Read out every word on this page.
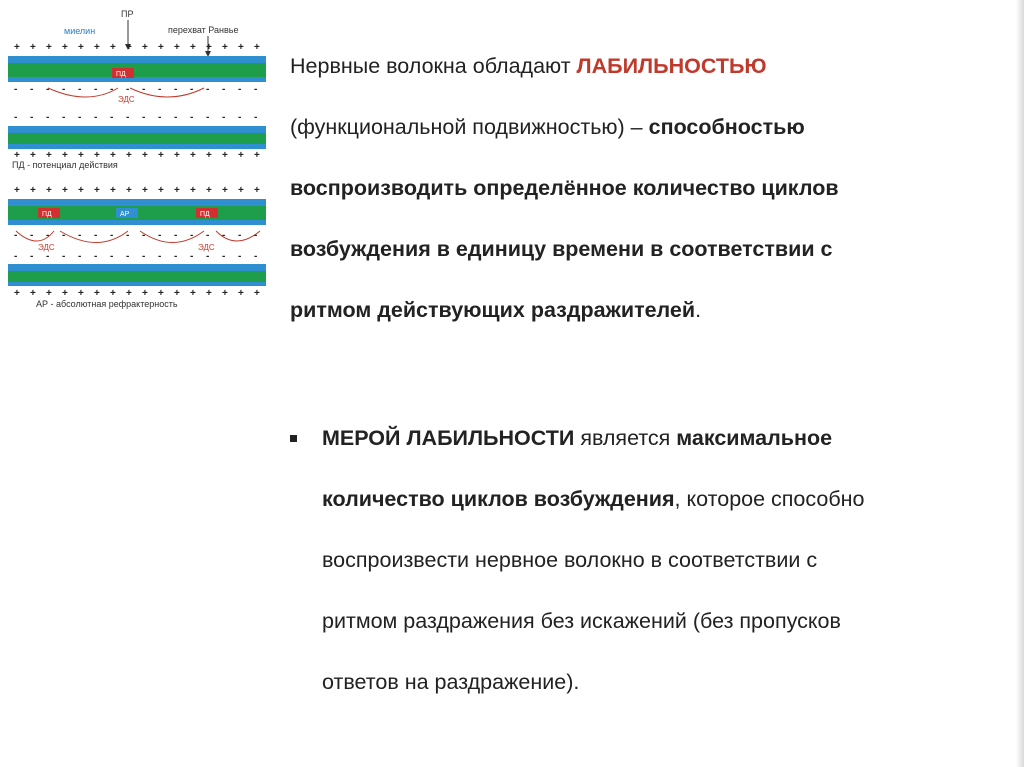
ПР
миелин	перехват Ранвье
ПД
ЭДС
ПД - потенциал действия
ПД	АР	ПД
ЭДС	ЭДС
АР - абсолютная рефрактерность
+ + + + + + + + + + + + + + + +
- - - - - - - - - - - - - - - -
- - - - - - - - - - - - - - - -
+ + + + + + + + + + + + + + + +
+ + + + + + + + + + + + + + + +
- - - - - - - - - - - - - - - -
- - - - - - - - - - - - - - - -
+ + + + + + + + + + + + + + + +
Нервные волокна обладают ЛАБИЛЬНОСТЬЮ
(функциональной подвижностью) – способностью
воспроизводить определённое количество циклов
возбуждения в единицу времени в соответствии с
ритмом действующих раздражителей.
МЕРОЙ ЛАБИЛЬНОСТИ является максимальное
количество циклов возбуждения, которое способно
воспроизвести нервное волокно в соответствии с
ритмом раздражения без искажений (без пропусков
ответов на раздражение).
